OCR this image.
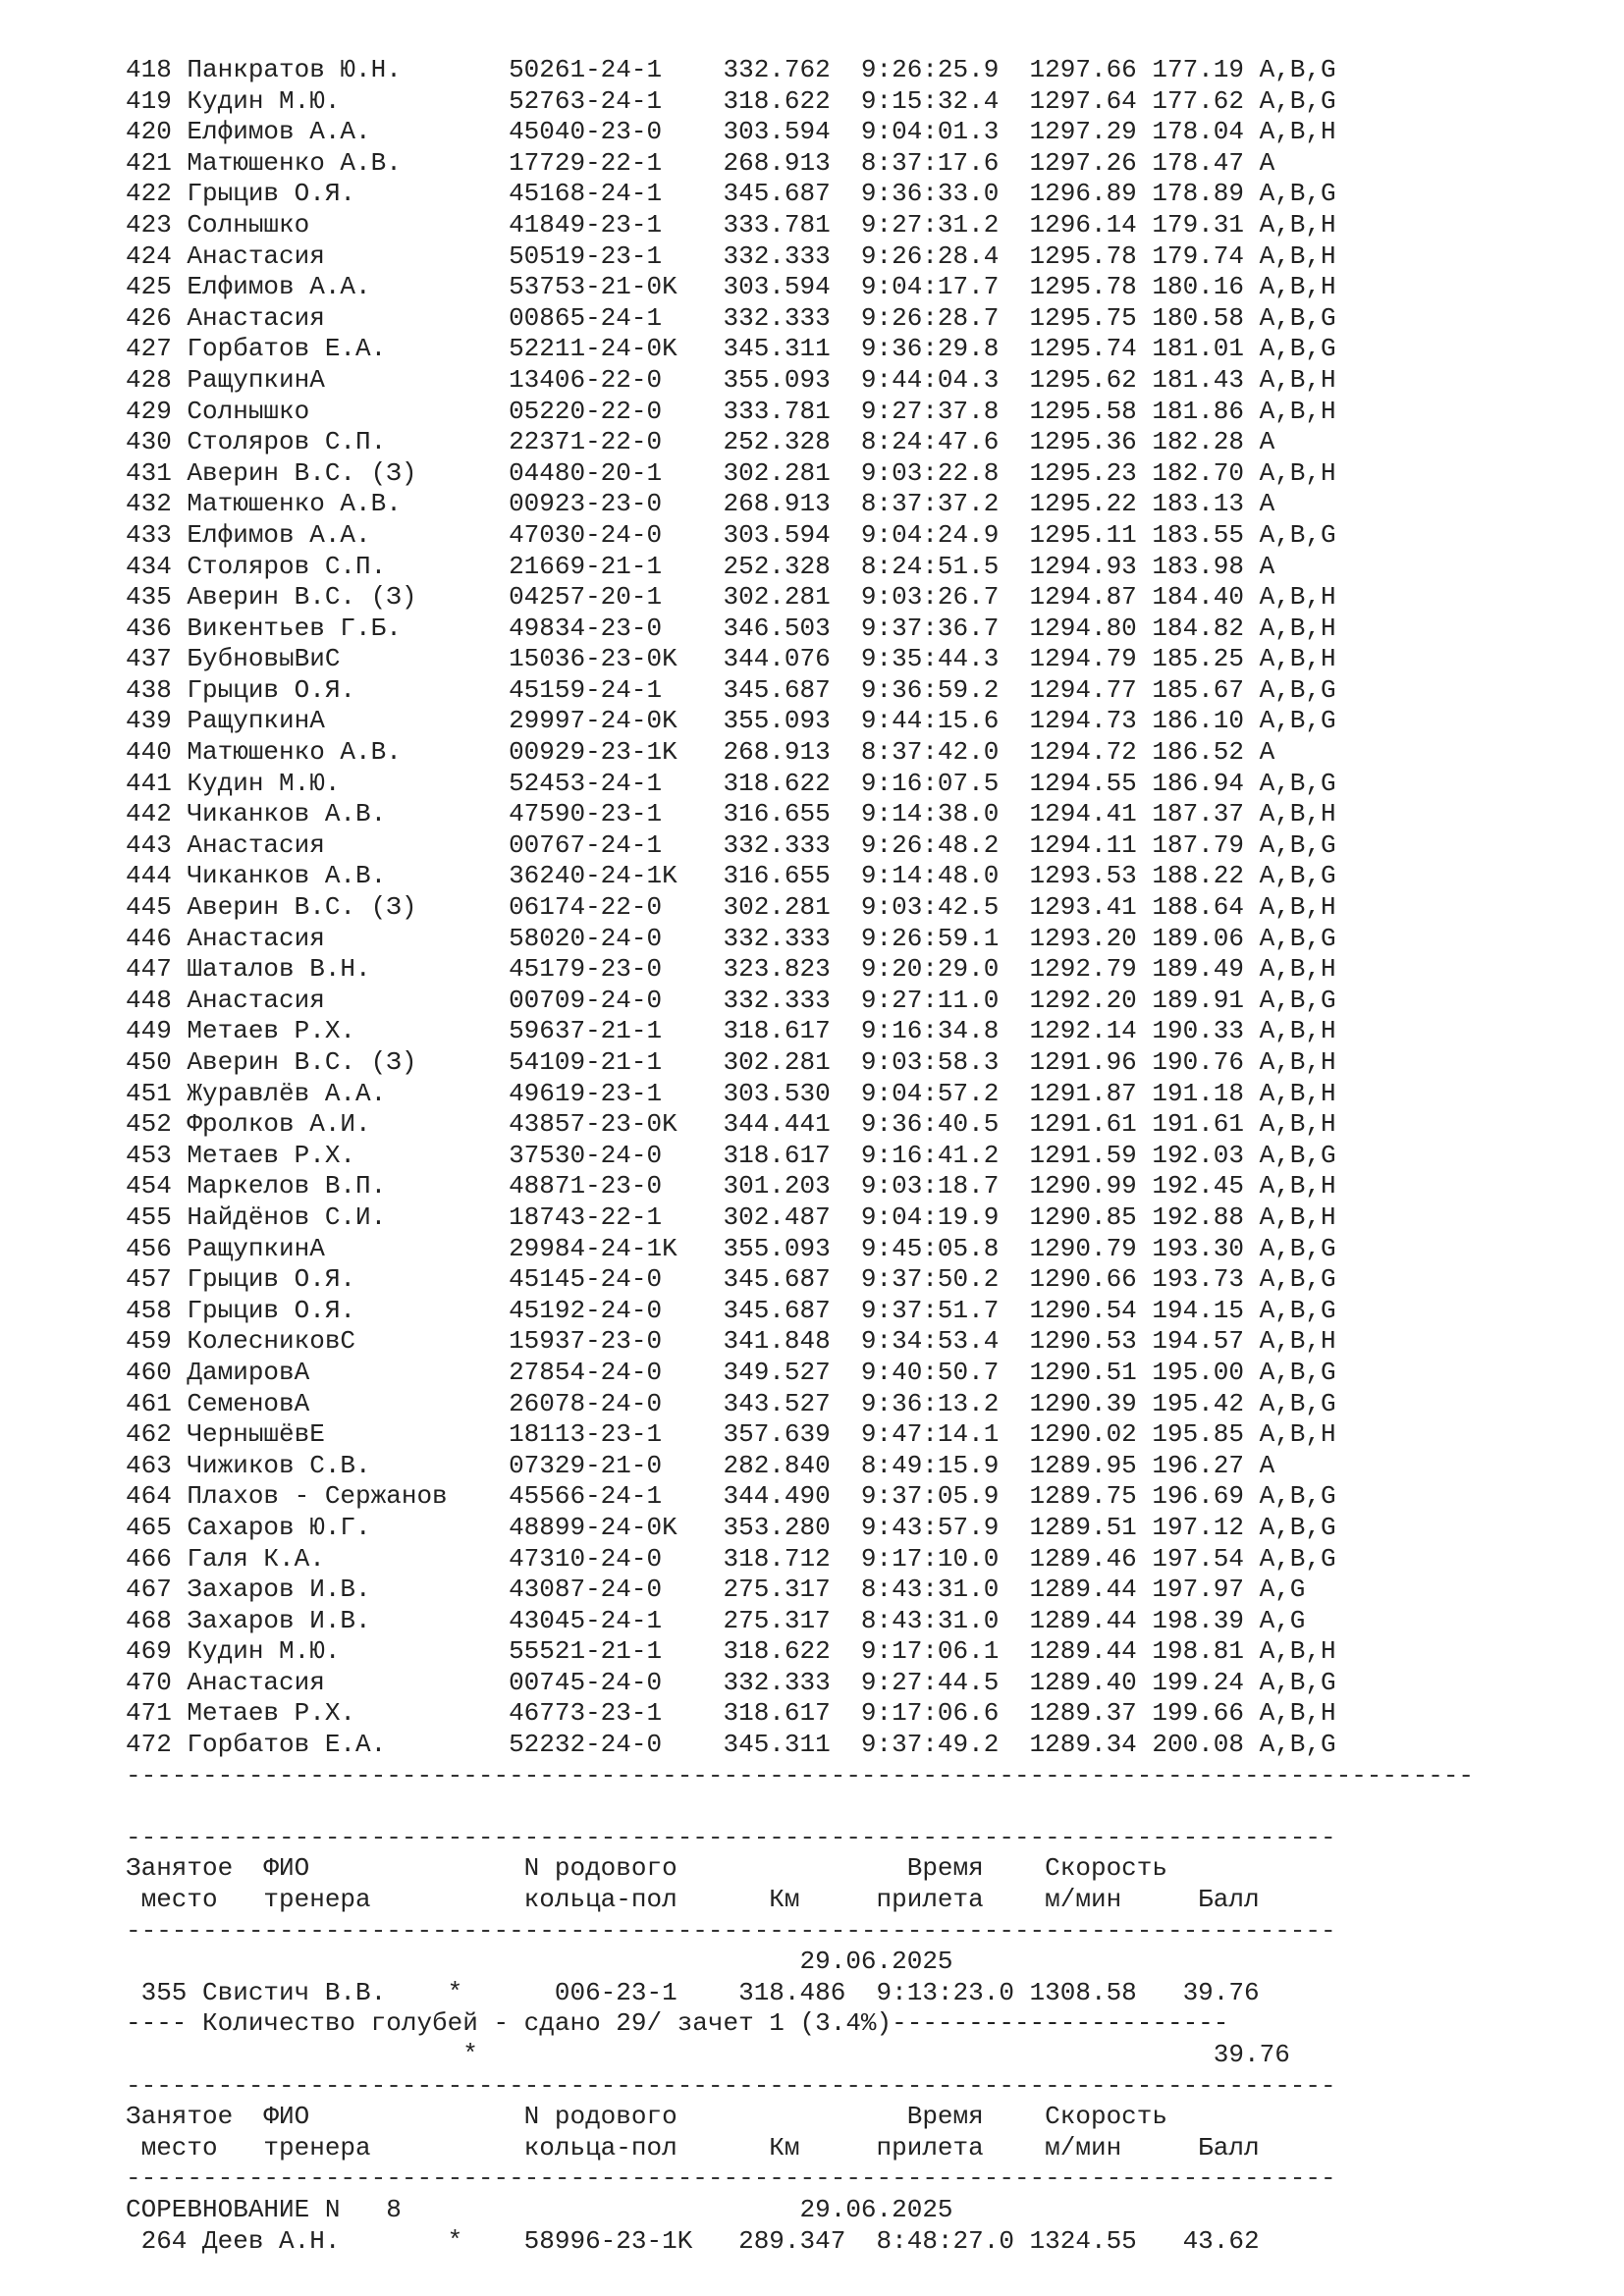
418 Панкратов Ю.Н.       50261-24-1    332.762  9:26:25.9  1297.66 177.19 A,B,G
419 Кудин М.Ю.           52763-24-1    318.622  9:15:32.4  1297.64 177.62 A,B,G
420 Елфимов А.А.         45040-23-0    303.594  9:04:01.3  1297.29 178.04 A,B,H
421 Матюшенко А.В.       17729-22-1    268.913  8:37:17.6  1297.26 178.47 A
422 Грыцив О.Я.          45168-24-1    345.687  9:36:33.0  1296.89 178.89 A,B,G
423 Солнышко             41849-23-1    333.781  9:27:31.2  1296.14 179.31 A,B,H
424 Анастасия            50519-23-1    332.333  9:26:28.4  1295.78 179.74 A,B,H
425 Елфимов А.А.         53753-21-0K   303.594  9:04:17.7  1295.78 180.16 A,B,H
426 Анастасия            00865-24-1    332.333  9:26:28.7  1295.75 180.58 A,B,G
427 Горбатов Е.А.        52211-24-0K   345.311  9:36:29.8  1295.74 181.01 A,B,G
428 РащупкинА            13406-22-0    355.093  9:44:04.3  1295.62 181.43 A,B,H
429 Солнышко             05220-22-0    333.781  9:27:37.8  1295.58 181.86 A,B,H
430 Столяров С.П.        22371-22-0    252.328  8:24:47.6  1295.36 182.28 A
431 Аверин В.С. (З)      04480-20-1    302.281  9:03:22.8  1295.23 182.70 A,B,H
432 Матюшенко А.В.       00923-23-0    268.913  8:37:37.2  1295.22 183.13 A
433 Елфимов А.А.         47030-24-0    303.594  9:04:24.9  1295.11 183.55 A,B,G
434 Столяров С.П.        21669-21-1    252.328  8:24:51.5  1294.93 183.98 A
435 Аверин В.С. (З)      04257-20-1    302.281  9:03:26.7  1294.87 184.40 A,B,H
436 Викентьев Г.Б.       49834-23-0    346.503  9:37:36.7  1294.80 184.82 A,B,H
437 БубновыВиС           15036-23-0K   344.076  9:35:44.3  1294.79 185.25 A,B,H
438 Грыцив О.Я.          45159-24-1    345.687  9:36:59.2  1294.77 185.67 A,B,G
439 РащупкинА            29997-24-0K   355.093  9:44:15.6  1294.73 186.10 A,B,G
440 Матюшенко А.В.       00929-23-1K   268.913  8:37:42.0  1294.72 186.52 A
441 Кудин М.Ю.           52453-24-1    318.622  9:16:07.5  1294.55 186.94 A,B,G
442 Чиканков А.В.        47590-23-1    316.655  9:14:38.0  1294.41 187.37 A,B,H
443 Анастасия            00767-24-1    332.333  9:26:48.2  1294.11 187.79 A,B,G
444 Чиканков А.В.        36240-24-1K   316.655  9:14:48.0  1293.53 188.22 A,B,G
445 Аверин В.С. (З)      06174-22-0    302.281  9:03:42.5  1293.41 188.64 A,B,H
446 Анастасия            58020-24-0    332.333  9:26:59.1  1293.20 189.06 A,B,G
447 Шаталов В.Н.         45179-23-0    323.823  9:20:29.0  1292.79 189.49 A,B,H
448 Анастасия            00709-24-0    332.333  9:27:11.0  1292.20 189.91 A,B,G
449 Метаев Р.Х.          59637-21-1    318.617  9:16:34.8  1292.14 190.33 A,B,H
450 Аверин В.С. (З)      54109-21-1    302.281  9:03:58.3  1291.96 190.76 A,B,H
451 Журавлёв А.А.        49619-23-1    303.530  9:04:57.2  1291.87 191.18 A,B,H
452 Фролков А.И.         43857-23-0K   344.441  9:36:40.5  1291.61 191.61 A,B,H
453 Метаев Р.Х.          37530-24-0    318.617  9:16:41.2  1291.59 192.03 A,B,G
454 Маркелов В.П.        48871-23-0    301.203  9:03:18.7  1290.99 192.45 A,B,H
455 Найдёнов С.И.        18743-22-1    302.487  9:04:19.9  1290.85 192.88 A,B,H
456 РащупкинА            29984-24-1K   355.093  9:45:05.8  1290.79 193.30 A,B,G
457 Грыцив О.Я.          45145-24-0    345.687  9:37:50.2  1290.66 193.73 A,B,G
458 Грыцив О.Я.          45192-24-0    345.687  9:37:51.7  1290.54 194.15 A,B,G
459 КолесниковС          15937-23-0    341.848  9:34:53.4  1290.53 194.57 A,B,H
460 ДамировА             27854-24-0    349.527  9:40:50.7  1290.51 195.00 A,B,G
461 СеменовА             26078-24-0    343.527  9:36:13.2  1290.39 195.42 A,B,G
462 ЧернышёвЕ            18113-23-1    357.639  9:47:14.1  1290.02 195.85 A,B,H
463 Чижиков С.В.         07329-21-0    282.840  8:49:15.9  1289.95 196.27 A
464 Плахов - Сержанов    45566-24-1    344.490  9:37:05.9  1289.75 196.69 A,B,G
465 Сахаров Ю.Г.         48899-24-0K   353.280  9:43:57.9  1289.51 197.12 A,B,G
466 Галя К.А.            47310-24-0    318.712  9:17:10.0  1289.46 197.54 A,B,G
467 Захаров И.В.         43087-24-0    275.317  8:43:31.0  1289.44 197.97 A,G
468 Захаров И.В.         43045-24-1    275.317  8:43:31.0  1289.44 198.39 A,G
469 Кудин М.Ю.           55521-21-1    318.622  9:17:06.1  1289.44 198.81 A,B,H
470 Анастасия            00745-24-0    332.333  9:27:44.5  1289.40 199.24 A,B,G
471 Метаев Р.Х.          46773-23-1    318.617  9:17:06.6  1289.37 199.66 A,B,H
472 Горбатов Е.А.        52232-24-0    345.311  9:37:49.2  1289.34 200.08 A,B,G
----------------------------------------------------------------------------------------
-------------------------------------------------------------------------------
Занятое  ФИО              N родового               Время    Скорость
место   тренера          кольца-пол      Км     прилета    м/мин     Балл
-------------------------------------------------------------------------------
29.06.2025
355 Свистич В.В.    *      006-23-1    318.486  9:13:23.0 1308.58   39.76
---- Количество голубей - сдано 29/ зачет 1 (3.4%)----------------------
*                                                39.76
-------------------------------------------------------------------------------
Занятое  ФИО              N родового               Время    Скорость
место   тренера          кольца-пол      Км     прилета    м/мин     Балл
-------------------------------------------------------------------------------
СОРЕВНОВАНИЕ N   8                          29.06.2025
264 Деев А.Н.       *    58996-23-1K   289.347  8:48:27.0 1324.55   43.62
